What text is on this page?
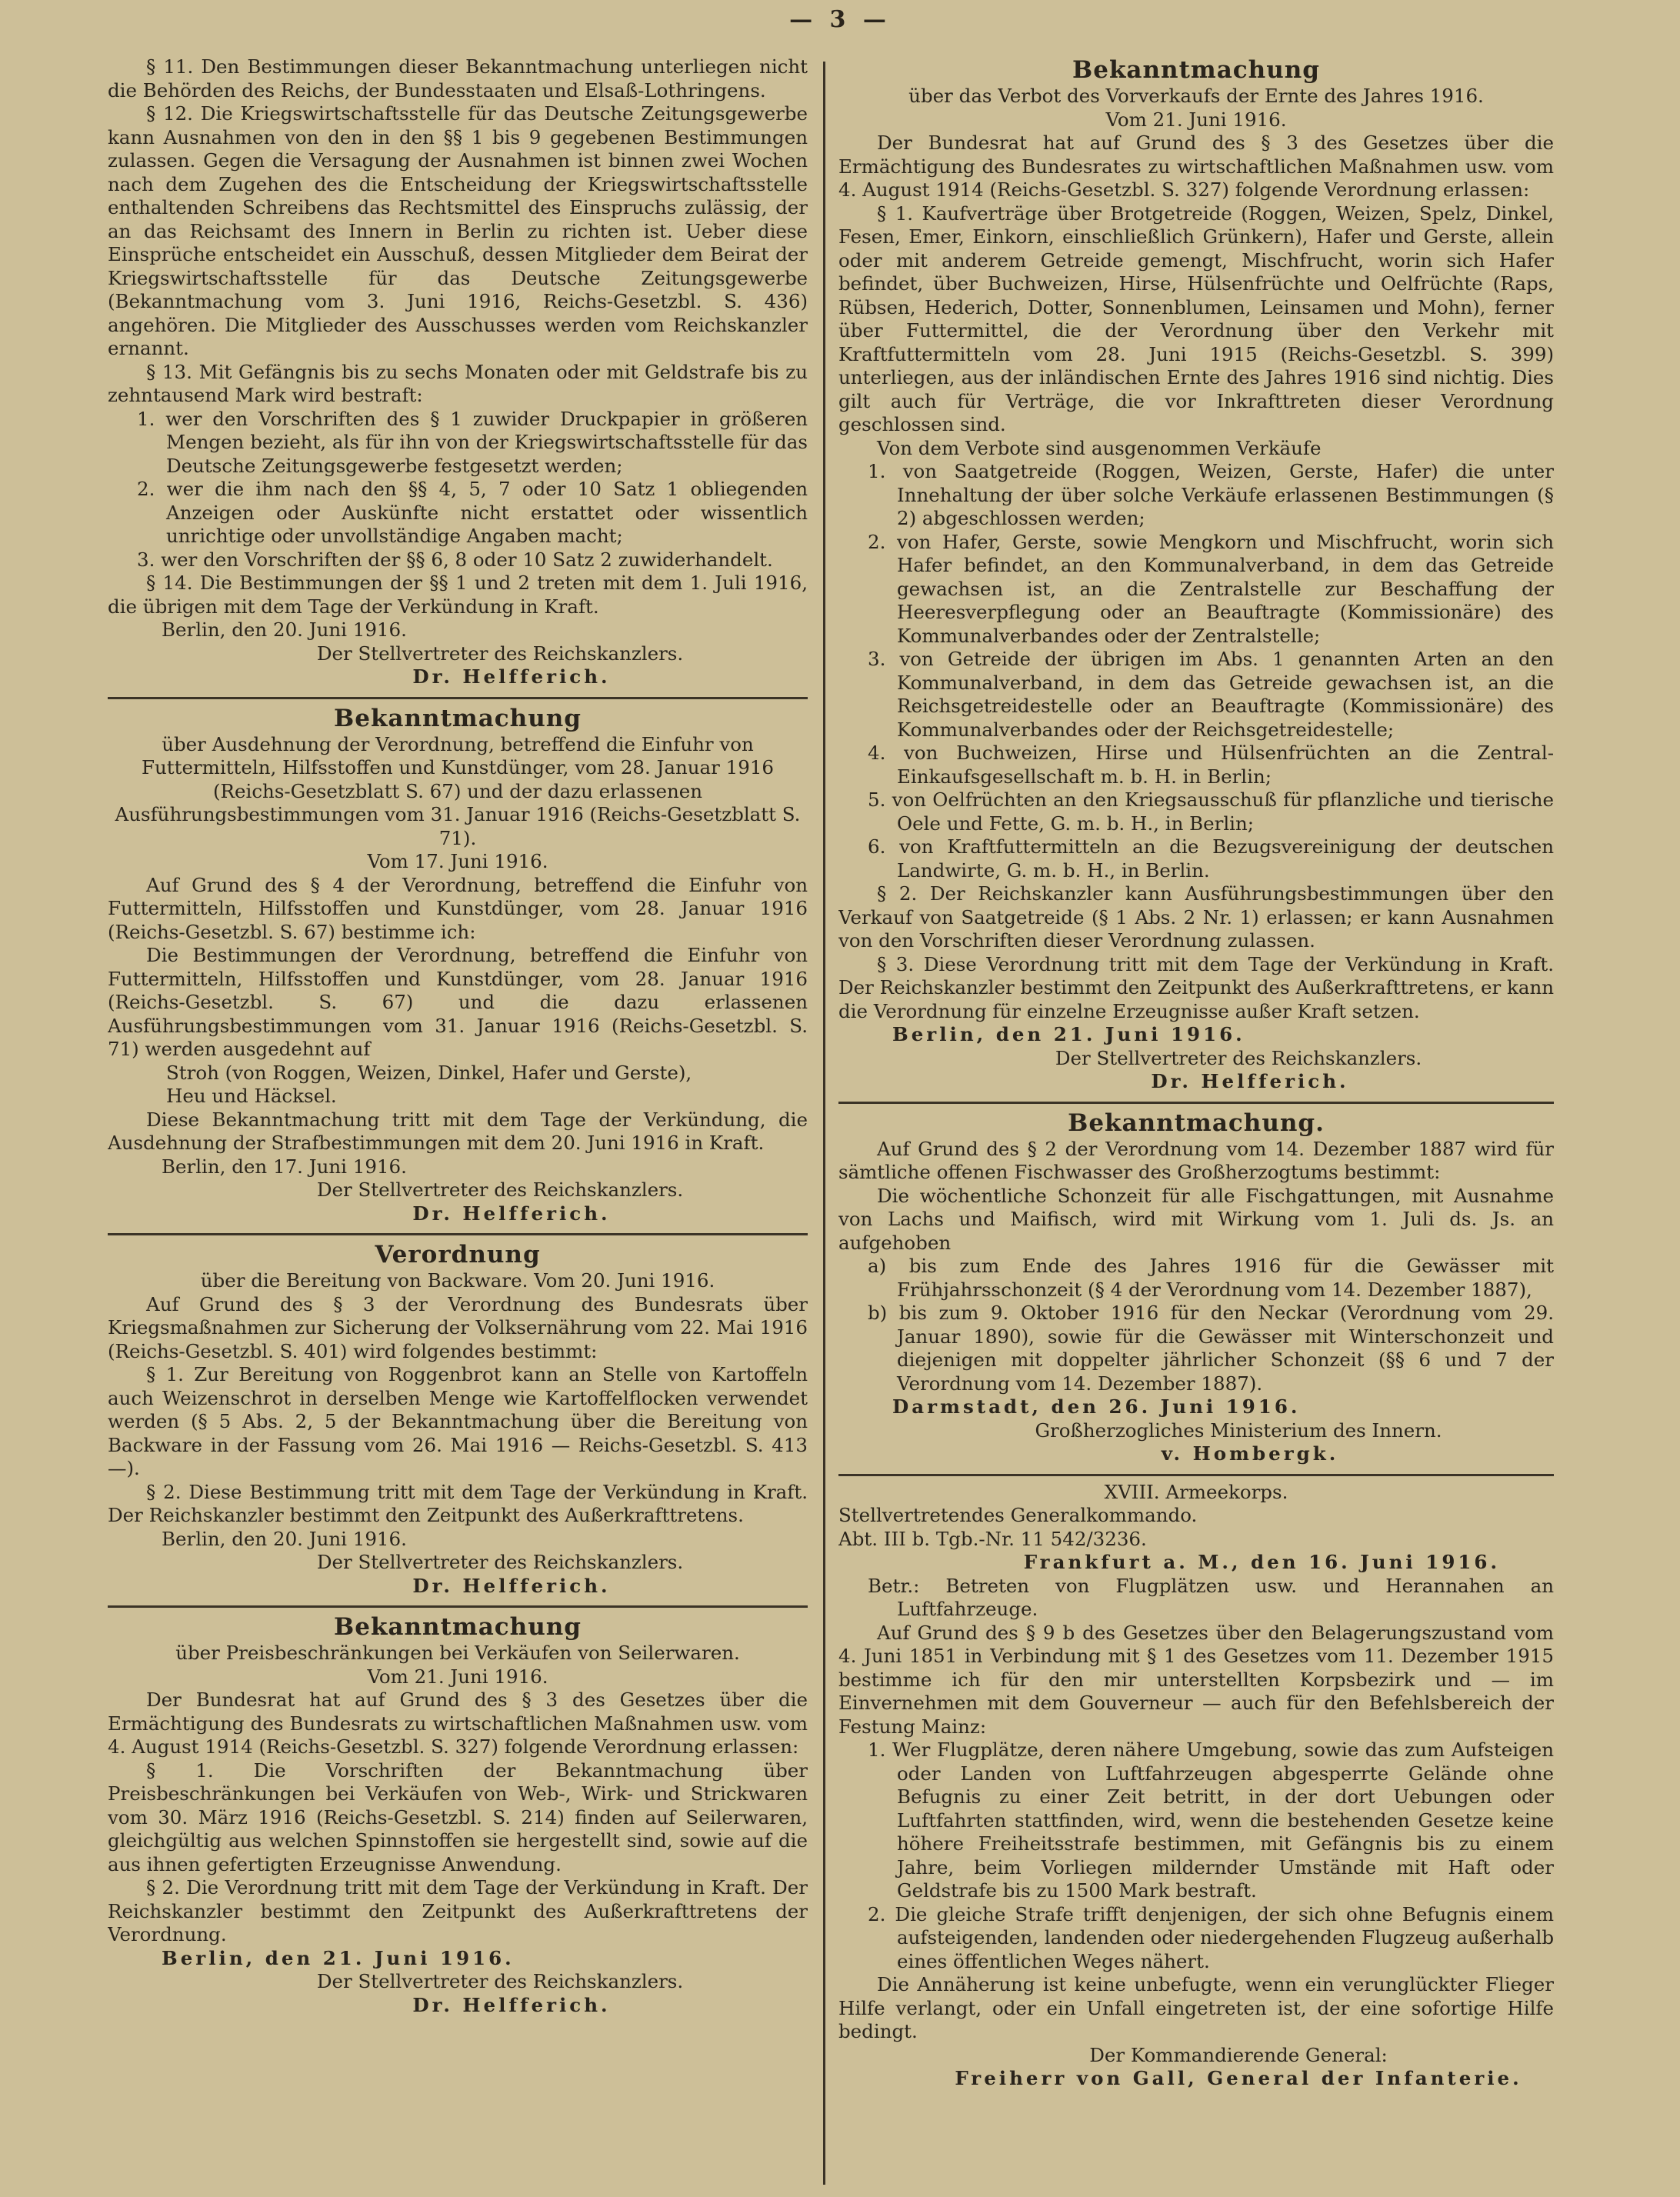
— 3 —

§ 11. Den Bestimmungen dieser Bekanntmachung unterliegen nicht die Behörden des Reichs, der Bundesstaaten und Elsaß-Lothringens.

§ 12. Die Kriegswirtschaftsstelle für das Deutsche Zeitungsgewerbe kann Ausnahmen von den in den §§ 1 bis 9 gegebenen Bestimmungen zulassen. Gegen die Versagung der Ausnahmen ist binnen zwei Wochen nach dem Zugehen des die Entscheidung der Kriegswirtschaftsstelle enthaltenden Schreibens das Rechtsmittel des Einspruchs zulässig, der an das Reichsamt des Innern in Berlin zu richten ist. Ueber diese Einsprüche entscheidet ein Ausschuß, dessen Mitglieder dem Beirat der Kriegswirtschaftsstelle für das Deutsche Zeitungsgewerbe (Bekanntmachung vom 3. Juni 1916, Reichs-Gesetzbl. S. 436) angehören. Die Mitglieder des Ausschusses werden vom Reichskanzler ernannt.

§ 13. Mit Gefängnis bis zu sechs Monaten oder mit Geldstrafe bis zu zehntausend Mark wird bestraft:

1. wer den Vorschriften des § 1 zuwider Druckpapier in größeren Mengen bezieht, als für ihn von der Kriegswirtschaftsstelle für das Deutsche Zeitungsgewerbe festgesetzt werden;

2. wer die ihm nach den §§ 4, 5, 7 oder 10 Satz 1 obliegenden Anzeigen oder Auskünfte nicht erstattet oder wissentlich unrichtige oder unvollständige Angaben macht;

3. wer den Vorschriften der §§ 6, 8 oder 10 Satz 2 zuwiderhandelt.

§ 14. Die Bestimmungen der §§ 1 und 2 treten mit dem 1. Juli 1916, die übrigen mit dem Tage der Verkündung in Kraft.

Berlin, den 20. Juni 1916.

Der Stellvertreter des Reichskanzlers.

Dr. Helfferich.

Bekanntmachung

über Ausdehnung der Verordnung, betreffend die Einfuhr von Futtermitteln, Hilfsstoffen und Kunstdünger, vom 28. Januar 1916 (Reichs-Gesetzblatt S. 67) und der dazu erlassenen Ausführungsbestimmungen vom 31. Januar 1916 (Reichs-Gesetzblatt S. 71).

Vom 17. Juni 1916.

Auf Grund des § 4 der Verordnung, betreffend die Einfuhr von Futtermitteln, Hilfsstoffen und Kunstdünger, vom 28. Januar 1916 (Reichs-Gesetzbl. S. 67) bestimme ich:

Die Bestimmungen der Verordnung, betreffend die Einfuhr von Futtermitteln, Hilfsstoffen und Kunstdünger, vom 28. Januar 1916 (Reichs-Gesetzbl. S. 67) und die dazu erlassenen Ausführungsbestimmungen vom 31. Januar 1916 (Reichs-Gesetzbl. S. 71) werden ausgedehnt auf

Stroh (von Roggen, Weizen, Dinkel, Hafer und Gerste),

Heu und Häcksel.

Diese Bekanntmachung tritt mit dem Tage der Verkündung, die Ausdehnung der Strafbestimmungen mit dem 20. Juni 1916 in Kraft.

Berlin, den 17. Juni 1916.

Der Stellvertreter des Reichskanzlers.

Dr. Helfferich.

Verordnung

über die Bereitung von Backware. Vom 20. Juni 1916.

Auf Grund des § 3 der Verordnung des Bundesrats über Kriegsmaßnahmen zur Sicherung der Volksernährung vom 22. Mai 1916 (Reichs-Gesetzbl. S. 401) wird folgendes bestimmt:

§ 1. Zur Bereitung von Roggenbrot kann an Stelle von Kartoffeln auch Weizenschrot in derselben Menge wie Kartoffelflocken verwendet werden (§ 5 Abs. 2, 5 der Bekanntmachung über die Bereitung von Backware in der Fassung vom 26. Mai 1916 — Reichs-Gesetzbl. S. 413 —).

§ 2. Diese Bestimmung tritt mit dem Tage der Verkündung in Kraft. Der Reichskanzler bestimmt den Zeitpunkt des Außerkrafttretens.

Berlin, den 20. Juni 1916.

Der Stellvertreter des Reichskanzlers.

Dr. Helfferich.

Bekanntmachung

über Preisbeschränkungen bei Verkäufen von Seilerwaren.

Vom 21. Juni 1916.

Der Bundesrat hat auf Grund des § 3 des Gesetzes über die Ermächtigung des Bundesrats zu wirtschaftlichen Maßnahmen usw. vom 4. August 1914 (Reichs-Gesetzbl. S. 327) folgende Verordnung erlassen:

§ 1. Die Vorschriften der Bekanntmachung über Preisbeschränkungen bei Verkäufen von Web-, Wirk- und Strickwaren vom 30. März 1916 (Reichs-Gesetzbl. S. 214) finden auf Seilerwaren, gleichgültig aus welchen Spinnstoffen sie hergestellt sind, sowie auf die aus ihnen gefertigten Erzeugnisse Anwendung.

§ 2. Die Verordnung tritt mit dem Tage der Verkündung in Kraft. Der Reichskanzler bestimmt den Zeitpunkt des Außerkrafttretens der Verordnung.

Berlin, den 21. Juni 1916.

Der Stellvertreter des Reichskanzlers.

Dr. Helfferich.

Bekanntmachung

über das Verbot des Vorverkaufs der Ernte des Jahres 1916.

Vom 21. Juni 1916.

Der Bundesrat hat auf Grund des § 3 des Gesetzes über die Ermächtigung des Bundesrates zu wirtschaftlichen Maßnahmen usw. vom 4. August 1914 (Reichs-Gesetzbl. S. 327) folgende Verordnung erlassen:

§ 1. Kaufverträge über Brotgetreide (Roggen, Weizen, Spelz, Dinkel, Fesen, Emer, Einkorn, einschließlich Grünkern), Hafer und Gerste, allein oder mit anderem Getreide gemengt, Mischfrucht, worin sich Hafer befindet, über Buchweizen, Hirse, Hülsenfrüchte und Oelfrüchte (Raps, Rübsen, Hederich, Dotter, Sonnenblumen, Leinsamen und Mohn), ferner über Futtermittel, die der Verordnung über den Verkehr mit Kraftfuttermitteln vom 28. Juni 1915 (Reichs-Gesetzbl. S. 399) unterliegen, aus der inländischen Ernte des Jahres 1916 sind nichtig. Dies gilt auch für Verträge, die vor Inkrafttreten dieser Verordnung geschlossen sind.

Von dem Verbote sind ausgenommen Verkäufe

1. von Saatgetreide (Roggen, Weizen, Gerste, Hafer) die unter Innehaltung der über solche Verkäufe erlassenen Bestimmungen (§ 2) abgeschlossen werden;

2. von Hafer, Gerste, sowie Mengkorn und Mischfrucht, worin sich Hafer befindet, an den Kommunalverband, in dem das Getreide gewachsen ist, an die Zentralstelle zur Beschaffung der Heeresverpflegung oder an Beauftragte (Kommissionäre) des Kommunalverbandes oder der Zentralstelle;

3. von Getreide der übrigen im Abs. 1 genannten Arten an den Kommunalverband, in dem das Getreide gewachsen ist, an die Reichsgetreidestelle oder an Beauftragte (Kommissionäre) des Kommunalverbandes oder der Reichsgetreidestelle;

4. von Buchweizen, Hirse und Hülsenfrüchten an die Zentral-Einkaufsgesellschaft m. b. H. in Berlin;

5. von Oelfrüchten an den Kriegsausschuß für pflanzliche und tierische Oele und Fette, G. m. b. H., in Berlin;

6. von Kraftfuttermitteln an die Bezugsvereinigung der deutschen Landwirte, G. m. b. H., in Berlin.

§ 2. Der Reichskanzler kann Ausführungsbestimmungen über den Verkauf von Saatgetreide (§ 1 Abs. 2 Nr. 1) erlassen; er kann Ausnahmen von den Vorschriften dieser Verordnung zulassen.

§ 3. Diese Verordnung tritt mit dem Tage der Verkündung in Kraft. Der Reichskanzler bestimmt den Zeitpunkt des Außerkrafttretens, er kann die Verordnung für einzelne Erzeugnisse außer Kraft setzen.

Berlin, den 21. Juni 1916.

Der Stellvertreter des Reichskanzlers.

Dr. Helfferich.

Bekanntmachung.

Auf Grund des § 2 der Verordnung vom 14. Dezember 1887 wird für sämtliche offenen Fischwasser des Großherzogtums bestimmt:

Die wöchentliche Schonzeit für alle Fischgattungen, mit Ausnahme von Lachs und Maifisch, wird mit Wirkung vom 1. Juli ds. Js. an aufgehoben

a) bis zum Ende des Jahres 1916 für die Gewässer mit Frühjahrsschonzeit (§ 4 der Verordnung vom 14. Dezember 1887),

b) bis zum 9. Oktober 1916 für den Neckar (Verordnung vom 29. Januar 1890), sowie für die Gewässer mit Winterschonzeit und diejenigen mit doppelter jährlicher Schonzeit (§§ 6 und 7 der Verordnung vom 14. Dezember 1887).

Darmstadt, den 26. Juni 1916.

Großherzogliches Ministerium des Innern.

v. Hombergk.

XVIII. Armeekorps.

Stellvertretendes Generalkommando.

Abt. III b. Tgb.-Nr. 11 542/3236.

Frankfurt a. M., den 16. Juni 1916.

Betr.: Betreten von Flugplätzen usw. und Herannahen an Luftfahrzeuge.

Auf Grund des § 9 b des Gesetzes über den Belagerungszustand vom 4. Juni 1851 in Verbindung mit § 1 des Gesetzes vom 11. Dezember 1915 bestimme ich für den mir unterstellten Korpsbezirk und — im Einvernehmen mit dem Gouverneur — auch für den Befehlsbereich der Festung Mainz:

1. Wer Flugplätze, deren nähere Umgebung, sowie das zum Aufsteigen oder Landen von Luftfahrzeugen abgesperrte Gelände ohne Befugnis zu einer Zeit betritt, in der dort Uebungen oder Luftfahrten stattfinden, wird, wenn die bestehenden Gesetze keine höhere Freiheitsstrafe bestimmen, mit Gefängnis bis zu einem Jahre, beim Vorliegen mildernder Umstände mit Haft oder Geldstrafe bis zu 1500 Mark bestraft.

2. Die gleiche Strafe trifft denjenigen, der sich ohne Befugnis einem aufsteigenden, landenden oder niedergehenden Flugzeug außerhalb eines öffentlichen Weges nähert.

Die Annäherung ist keine unbefugte, wenn ein verunglückter Flieger Hilfe verlangt, oder ein Unfall eingetreten ist, der eine sofortige Hilfe bedingt.

Der Kommandierende General:

Freiherr von Gall, General der Infanterie.
